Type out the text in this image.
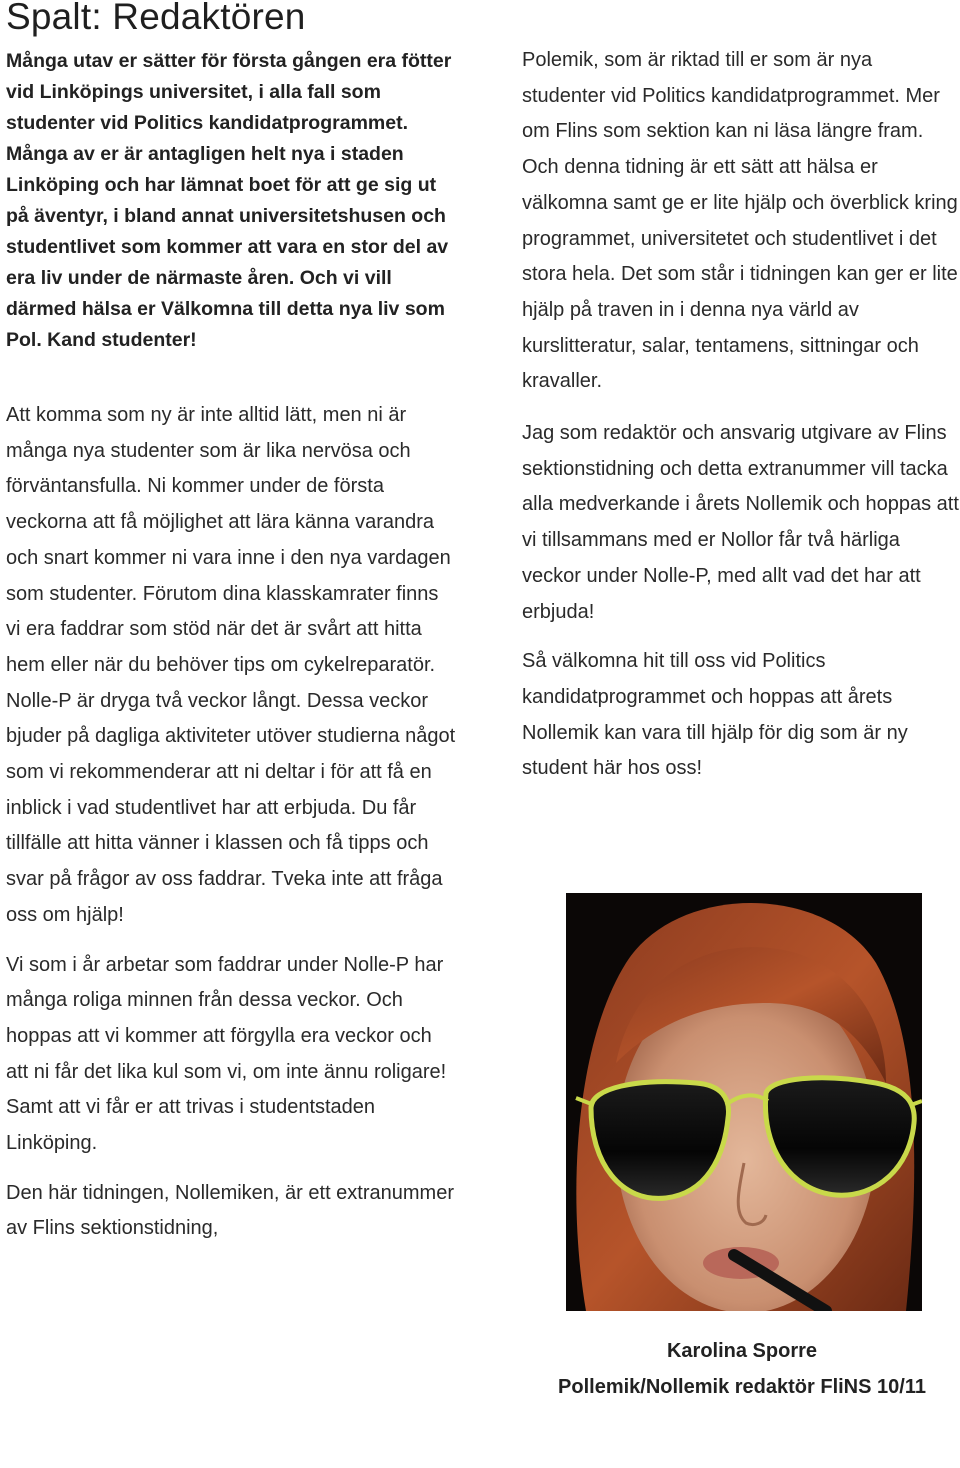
Spalt: Redaktören

Många utav er sätter för första gången era fötter vid Linköpings universitet, i alla fall som studenter vid Politics kandidatprogrammet. Många av er är antagligen helt nya i staden Linköping och har lämnat boet för att ge sig ut på äventyr, i bland annat universitetshusen och studentlivet som kommer att vara en stor del av era liv under de närmaste åren. Och vi vill därmed hälsa er Välkomna till detta nya liv som Pol. Kand studenter!

Att komma som ny är inte alltid lätt, men ni är många nya studenter som är lika nervösa och förväntansfulla. Ni kommer under de första veckorna att få möjlighet att lära känna varandra och snart kommer ni vara inne i den nya vardagen som studenter. Förutom dina klasskamrater finns vi era faddrar som stöd när det är svårt att hitta hem eller när du behöver tips om cykelreparatör. Nolle-P är dryga två veckor långt. Dessa veckor bjuder på dagliga aktiviteter utöver studierna något som vi rekommenderar att ni deltar i för att få en inblick i vad studentlivet har att erbjuda. Du får tillfälle att hitta vänner i klassen och få tipps och svar på frågor av oss faddrar. Tveka inte att fråga oss om hjälp!

Vi som i år arbetar som faddrar under Nolle-P har många roliga minnen från dessa veckor. Och hoppas att vi kommer att förgylla era veckor och att ni får det lika kul som vi, om inte ännu roligare! Samt att vi får er att trivas i studentstaden Linköping.

Den här tidningen, Nollemiken, är ett extranummer av Flins sektionstidning,

Polemik, som är riktad till er som är nya studenter vid Politics kandidatprogrammet. Mer om Flins som sektion kan ni läsa längre fram. Och denna tidning är ett sätt att hälsa er välkomna samt ge er lite hjälp och överblick kring programmet, universitetet och studentlivet i det stora hela. Det som står i tidningen kan ger er lite hjälp på traven in i denna nya värld av kurslitteratur, salar, tentamens, sittningar och kravaller.

Jag som redaktör och ansvarig utgivare av Flins sektionstidning och detta extranummer vill tacka alla medverkande i årets Nollemik och hoppas att vi tillsammans med er Nollor får två härliga veckor under Nolle-P, med allt vad det har att erbjuda!

Så välkomna hit till oss vid Politics kandidatprogrammet och hoppas att årets Nollemik kan vara till hjälp för dig som är ny student här hos oss!

Karolina Sporre
Pollemik/Nollemik redaktör FliNS 10/11
